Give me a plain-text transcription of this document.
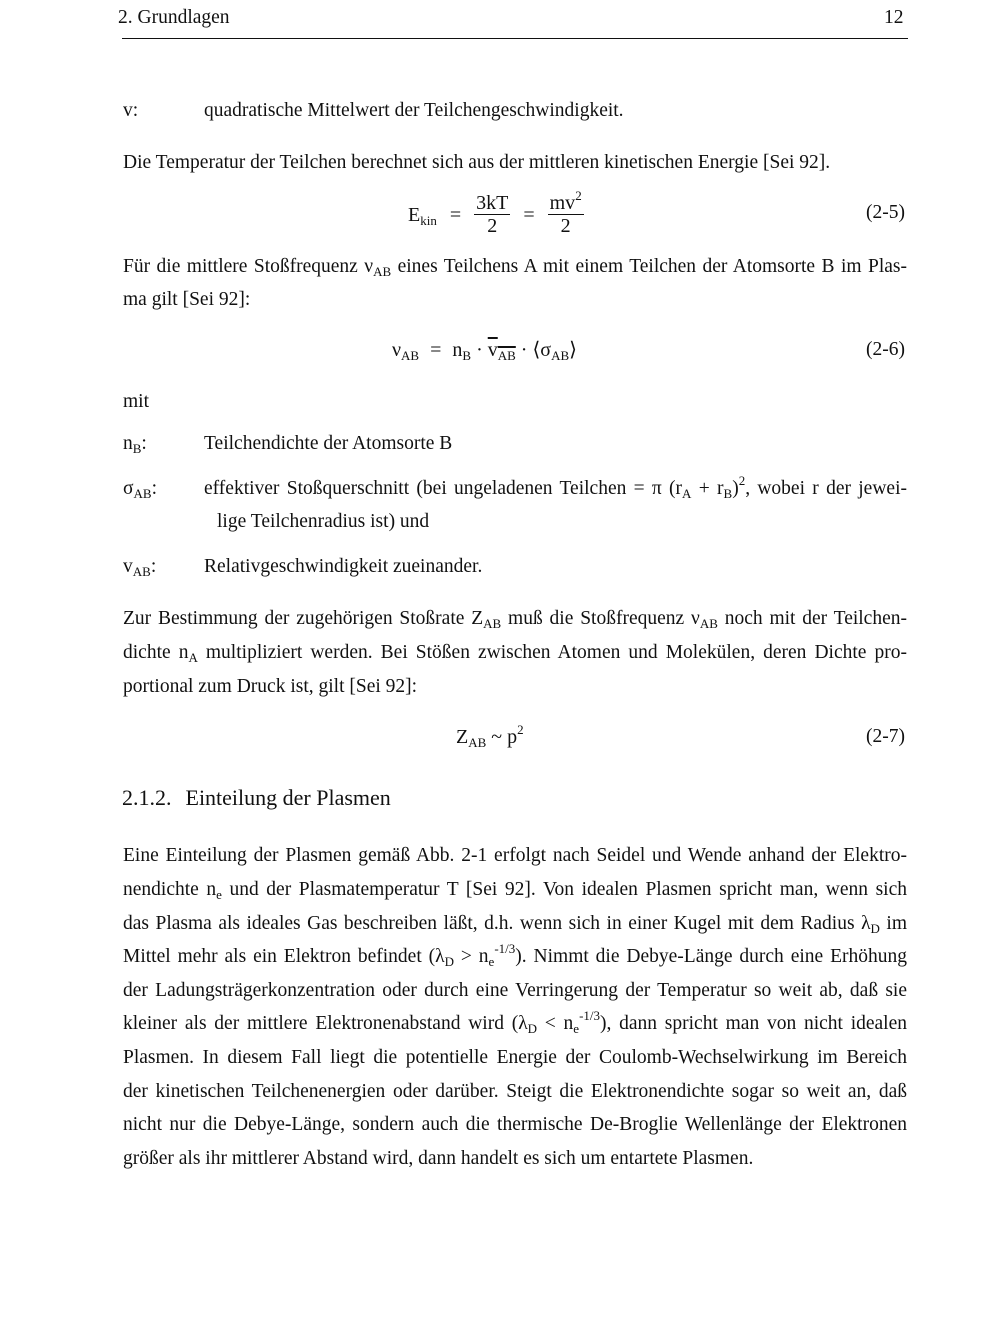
2. Grundlagen	12
v:	quadratische Mittelwert der Teilchengeschwindigkeit.
Die Temperatur der Teilchen berechnet sich aus der mittleren kinetischen Energie [Sei 92].
$E_{kin} = \frac{3kT}{2} = \frac{mv^2}{2}$	(2-5)
Für die mittlere Stoßfrequenz $\nu_{AB}$ eines Teilchens A mit einem Teilchen der Atomsorte B im Plas-
ma gilt [Sei 92]:
$\nu_{AB} = n_B \cdot v_{AB}$ · $⟨\sigma_{AB}⟩$	(2-6)
mit
$n_B$:	Teilchendichte der Atomsorte B
$\sigma_{AB}$: effektiver Stoßquerschnitt (bei ungeladenen Teilchen = π $(r_A + r_B)^2$, wobei r der jewei-
lige Teilchenradius ist) und
$v_{AB}$: Relativgeschwindigkeit zueinander.
Zur Bestimmung der zugehörigen Stoßrate $Z_{AB}$ muß die Stoßfrequenz $\nu_{AB}$ noch mit der Teilchen-
dichte $n_A$ multipliziert werden. Bei Stößen zwischen Atomen und Molekülen, deren Dichte pro-
portional zum Druck ist, gilt [Sei 92]:
$Z_{AB}$ ~ $p^2$	(2-7)
2.1.2. Einteilung der Plasmen
Eine Einteilung der Plasmen gemäß Abb. 2-1 erfolgt nach Seidel und Wende anhand der Elektro-
nendichte $n_e$ und der Plasmatemperatur T [Sei 92]. Von idealen Plasmen spricht man, wenn sich
das Plasma als ideales Gas beschreiben läßt, d.h. wenn sich in einer Kugel mit dem Radius $\lambda_D$ im
Mittel mehr als ein Elektron befindet $(\lambda_D > n_e^{-1/3})$. Nimmt die Debye-Länge durch eine Erhöhung
der Ladungsträgerkonzentration oder durch eine Verringerung der Temperatur so weit ab, daß sie
kleiner als der mittlere Elektronenabstand wird $(\lambda_D < n_e^{-1/3})$, dann spricht man von nicht idealen
Plasmen. In diesem Fall liegt die potentielle Energie der Coulomb-Wechselwirkung im Bereich
der kinetischen Teilchenenergien oder darüber. Steigt die Elektronendichte sogar so weit an, daß
nicht nur die Debye-Länge, sondern auch die thermische De-Broglie Wellenlänge der Elektronen
größer als ihr mittlerer Abstand wird, dann handelt es sich um entartete Plasmen.
